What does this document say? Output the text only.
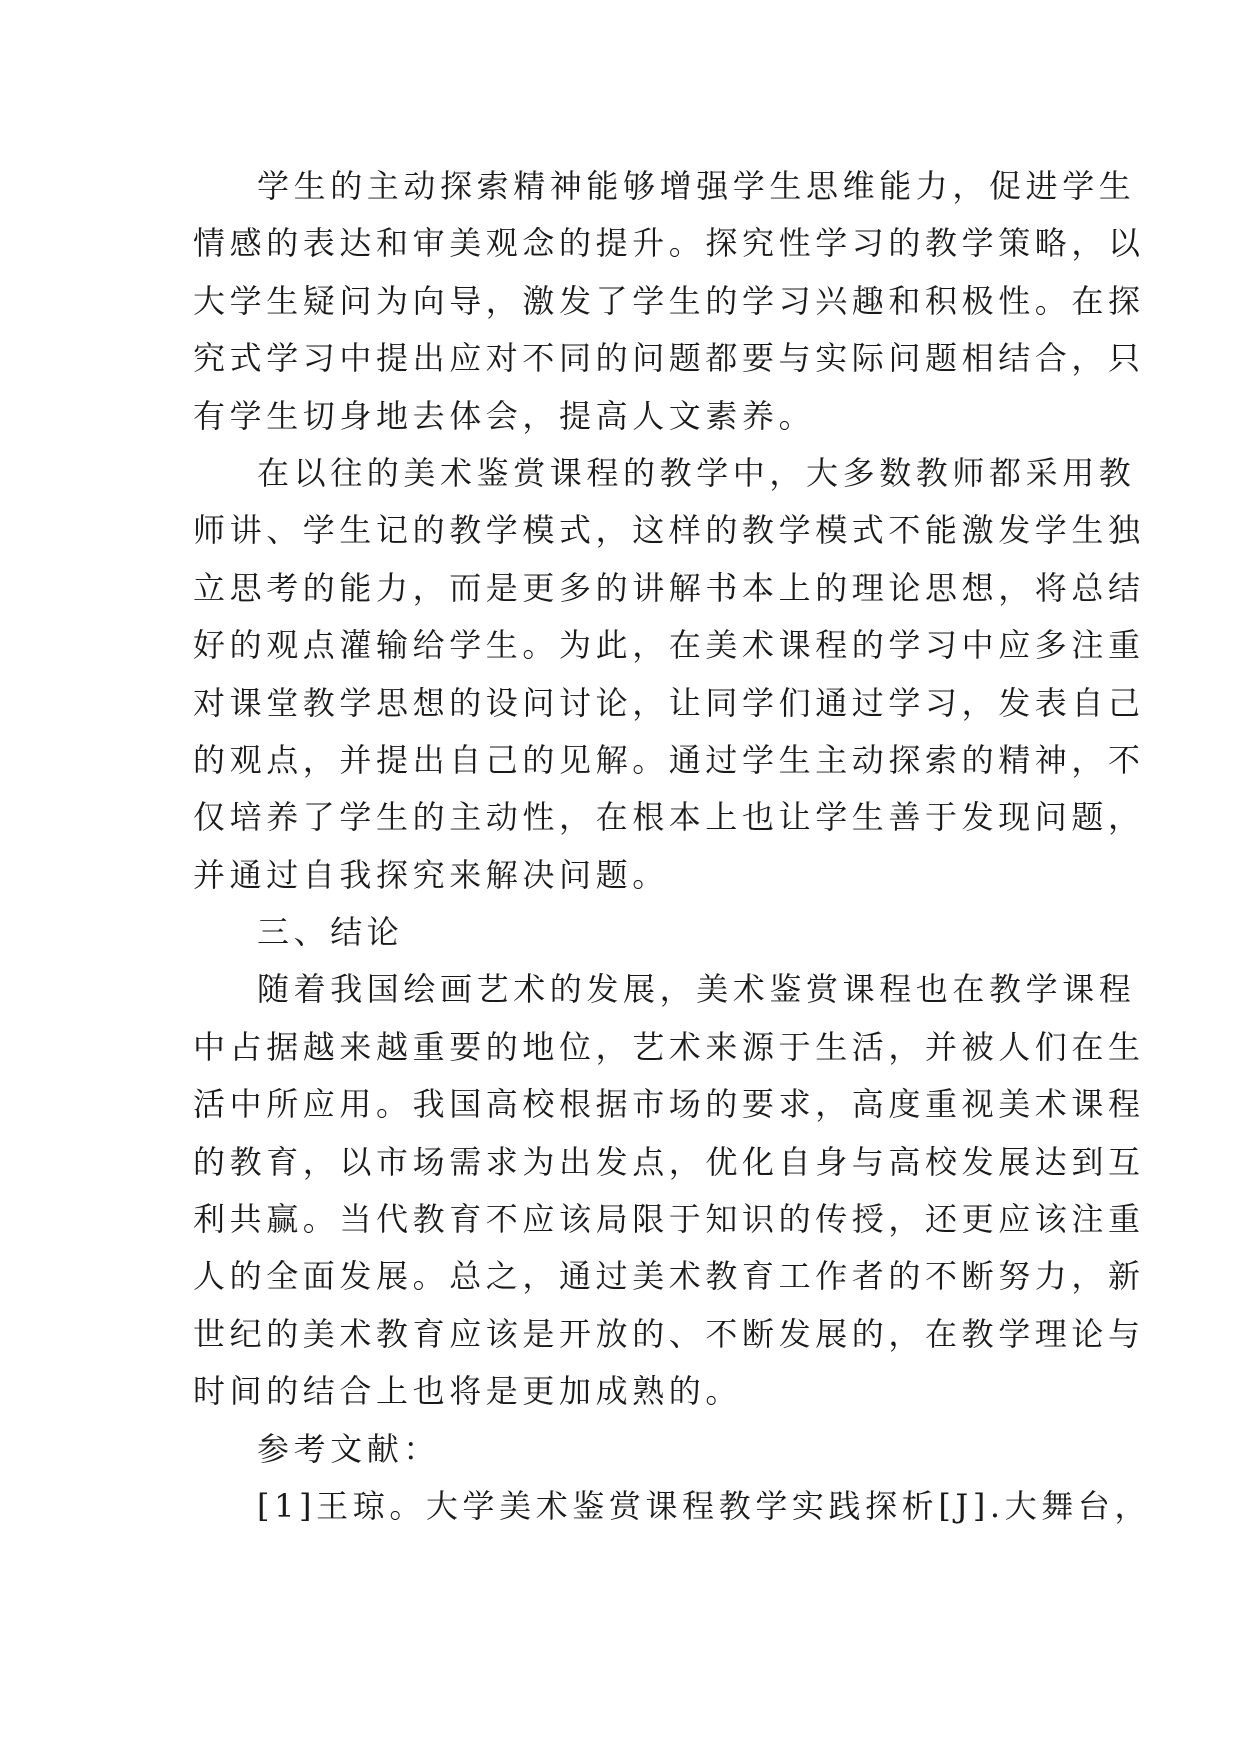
学生的主动探索精神能够增强学生思维能力，促进学生
情感的表达和审美观念的提升。探究性学习的教学策略，以
大学生疑问为向导，激发了学生的学习兴趣和积极性。在探
究式学习中提出应对不同的问题都要与实际问题相结合，只
有学生切身地去体会，提高人文素养。
在以往的美术鉴赏课程的教学中，大多数教师都采用教
师讲、学生记的教学模式，这样的教学模式不能激发学生独
立思考的能力，而是更多的讲解书本上的理论思想，将总结
好的观点灌输给学生。为此，在美术课程的学习中应多注重
对课堂教学思想的设问讨论，让同学们通过学习，发表自己
的观点，并提出自己的见解。通过学生主动探索的精神，不
仅培养了学生的主动性，在根本上也让学生善于发现问题，
并通过自我探究来解决问题。
三、结论
随着我国绘画艺术的发展，美术鉴赏课程也在教学课程
中占据越来越重要的地位，艺术来源于生活，并被人们在生
活中所应用。我国高校根据市场的要求，高度重视美术课程
的教育，以市场需求为出发点，优化自身与高校发展达到互
利共赢。当代教育不应该局限于知识的传授，还更应该注重
人的全面发展。总之，通过美术教育工作者的不断努力，新
世纪的美术教育应该是开放的、不断发展的，在教学理论与
时间的结合上也将是更加成熟的。
参考文献：
[1]王琼。大学美术鉴赏课程教学实践探析[J].大舞台，
